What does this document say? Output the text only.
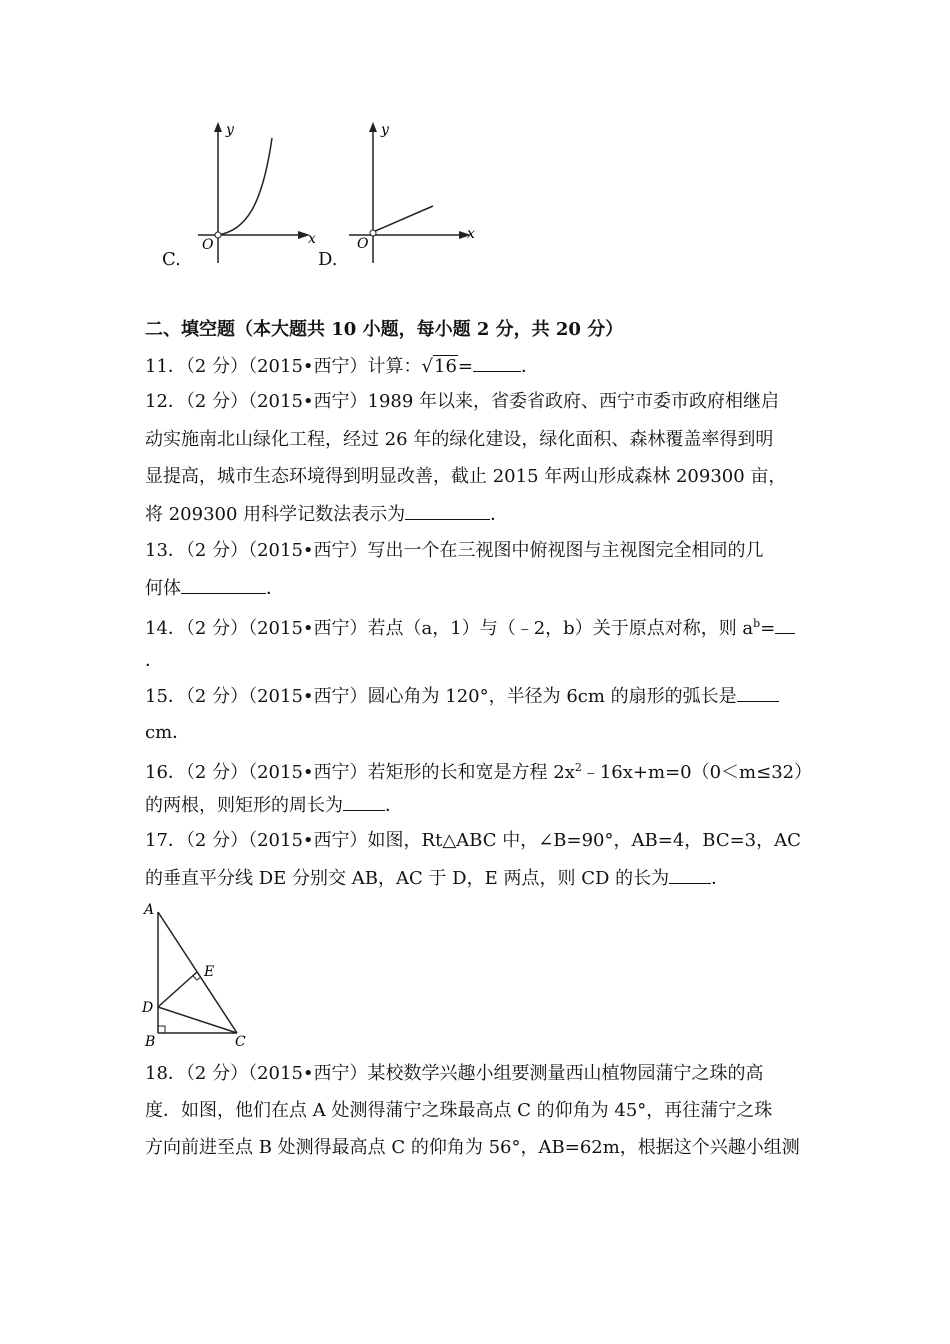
y
x
O
C.
y
x
O
D.
二、填空题（本大题共 10 小题，每小题 2 分，共 20 分）
11．（2 分）（2015•西宁）计算：√16=	．
12．（2 分）（2015•西宁）1989 年以来，省委省政府、西宁市委市政府相继启
动实施南北山绿化工程，经过 26 年的绿化建设，绿化面积、森林覆盖率得到明
显提高，城市生态环境得到明显改善，截止 2015 年两山形成森林 209300 亩，
将 209300 用科学记数法表示为	．
13．（2 分）（2015•西宁）写出一个在三视图中俯视图与主视图完全相同的几
何体	．
14．（2 分）（2015•西宁）若点（a，1）与（﹣2，b）关于原点对称，则 $a^b=$
．
15．（2 分）（2015•西宁）圆心角为 120°，半径为 6cm 的扇形的弧长是
cm．
16．（2 分）（2015•西宁）若矩形的长和宽是方程 $2x^2﹣16x+m=0(0<m\le 32)$
的两根，则矩形的周长为 ．
17．（2 分）（2015•西宁）如图，Rt△ABC 中，∠B=90°，AB=4，BC=3，AC
的垂直平分线 DE 分别交 AB，AC 于 D，E 两点，则 CD 的长为 ．
A
E
D
B	C
18．（2 分）（2015•西宁）某校数学兴趣小组要测量西山植物园蒲宁之珠的高
度．如图，他们在点 A 处测得蒲宁之珠最高点 C 的仰角为 45°，再往蒲宁之珠
方向前进至点 B 处测得最高点 C 的仰角为 56°，AB=62m，根据这个兴趣小组测
